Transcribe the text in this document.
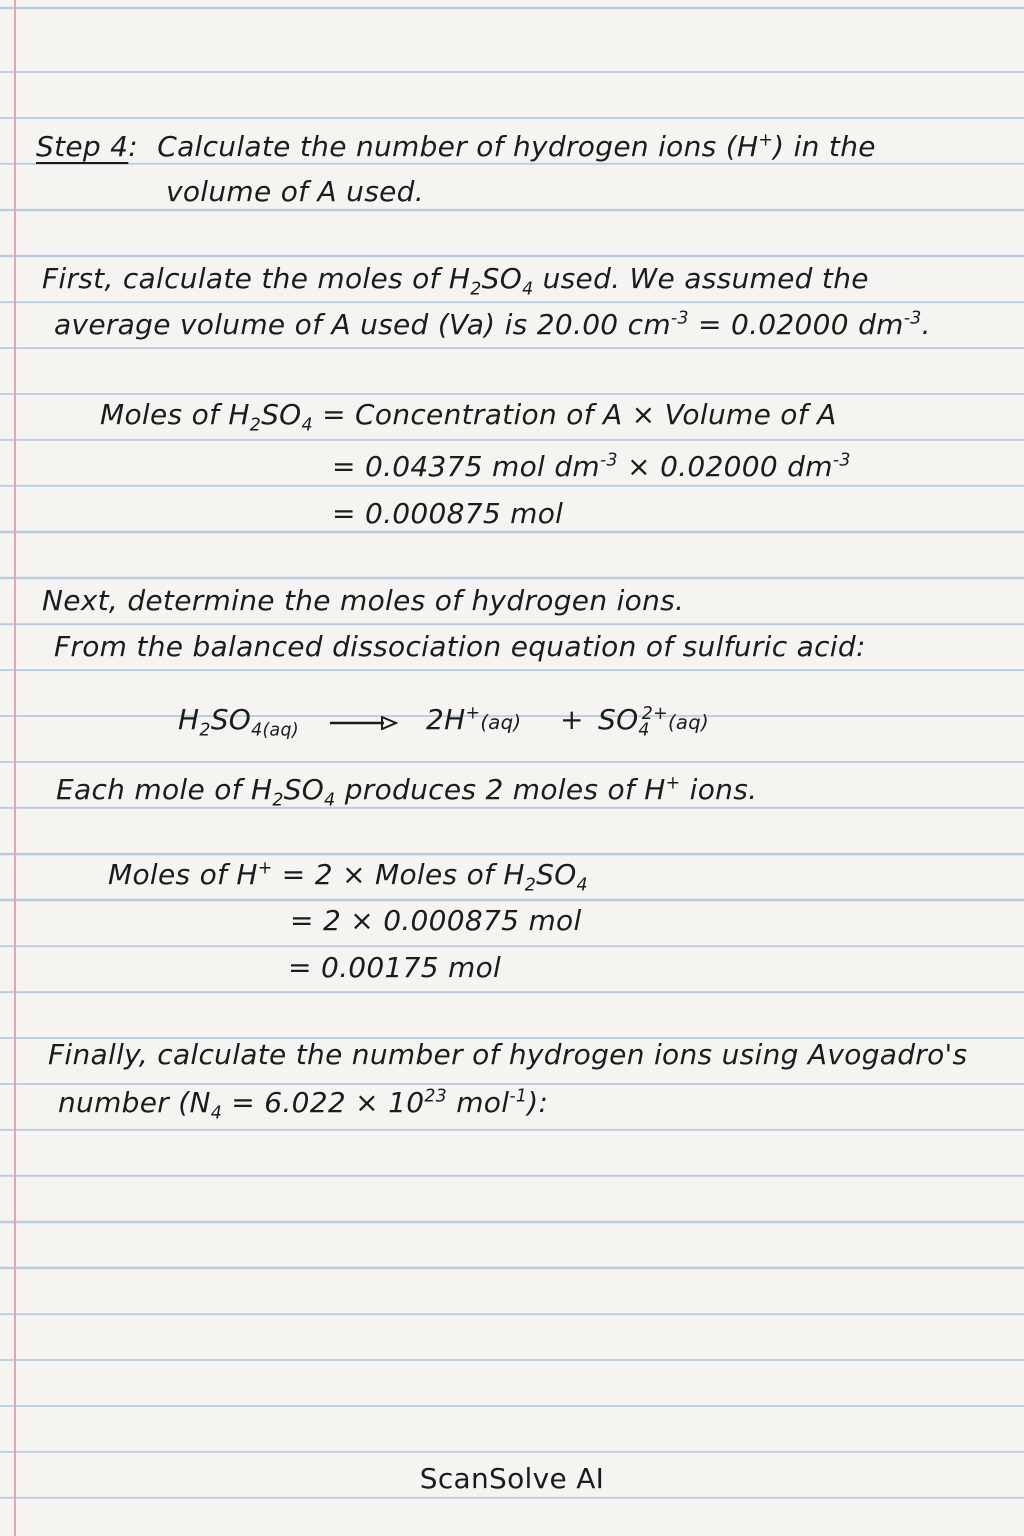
Step 4: Calculate the number of hydrogen ions (H+) in the
volume of A used.
First, calculate the moles of $H_2SO_4$ used. We assumed the
average volume of A used (Va) is 20.00 $cm^{-3} = 0.02000$ $dm^{-3}$.
Moles of $H_2SO_4$ = Concentration of A × Volume of A
= 0.04375 mol $dm^{-3} \times 0.02000$ $dm^{-3}$
= 0.000875 mol
Next, determine the moles of hydrogen ions.
From the balanced dissociation equation of sulfuric acid:
$H_2SO_{4(aq)}$	$2H^+(aq) + SO_4^{2+}(aq)$
Each mole of $H_2SO_4$ produces 2 moles of H+ ions.
Moles of H+ = 2 × Moles of $H_2SO_4$
= 2 × 0.000875 mol
= 0.00175 mol
Finally, calculate the number of hydrogen ions using Avogadro's
number ($N_4 = 6.022 \times 10^{23}$ mol$^{-1}$):
ScanSolve AI
